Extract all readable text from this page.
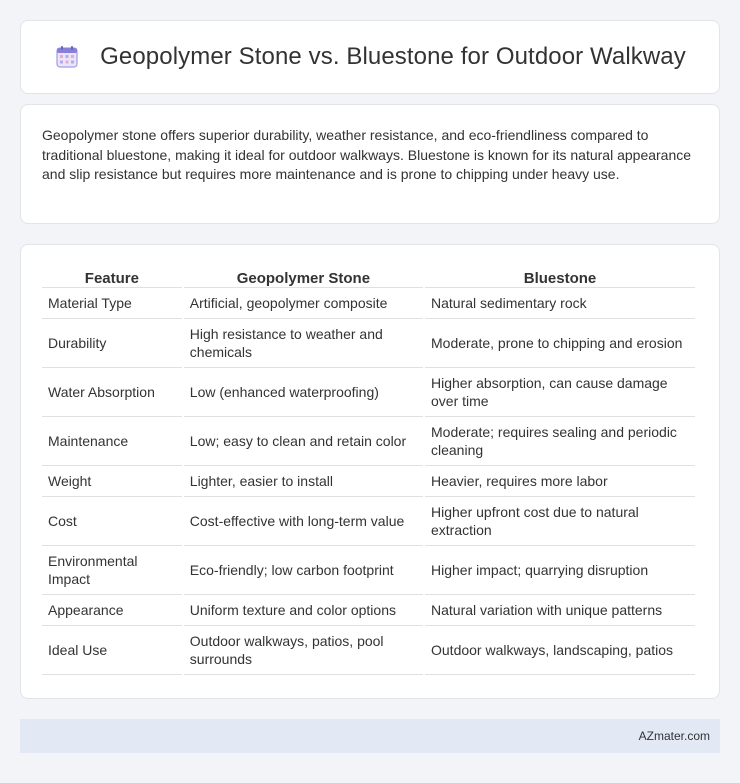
Geopolymer Stone vs. Bluestone for Outdoor Walkway

Geopolymer stone offers superior durability, weather resistance, and eco-friendliness compared to traditional bluestone, making it ideal for outdoor walkways. Bluestone is known for its natural appearance and slip resistance but requires more maintenance and is prone to chipping under heavy use.

Feature	Geopolymer Stone	Bluestone
Material Type	Artificial, geopolymer composite	Natural sedimentary rock
Durability	High resistance to weather and chemicals	Moderate, prone to chipping and erosion
Water Absorption	Low (enhanced waterproofing)	Higher absorption, can cause damage over time
Maintenance	Low; easy to clean and retain color	Moderate; requires sealing and periodic cleaning
Weight	Lighter, easier to install	Heavier, requires more labor
Cost	Cost-effective with long-term value	Higher upfront cost due to natural extraction
Environmental Impact	Eco-friendly; low carbon footprint	Higher impact; quarrying disruption
Appearance	Uniform texture and color options	Natural variation with unique patterns
Ideal Use	Outdoor walkways, patios, pool surrounds	Outdoor walkways, landscaping, patios
AZmater.com
